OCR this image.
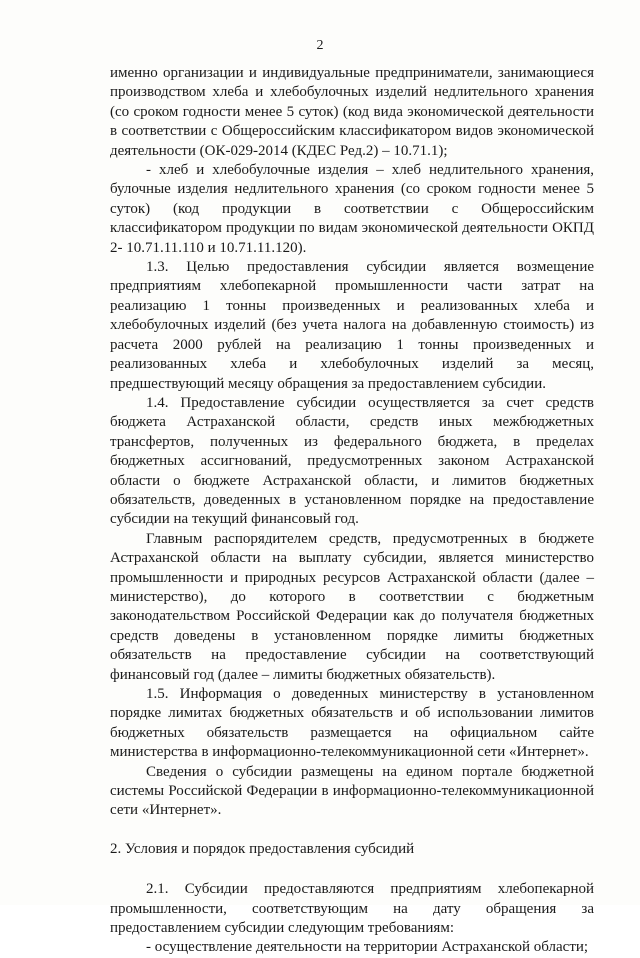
2

именно организации и индивидуальные предприниматели, занимающиеся производством хлеба и хлебобулочных изделий недлительного хранения (со сроком годности менее 5 суток) (код вида экономической деятельности в соответствии с Общероссийским классификатором видов экономической деятельности (ОК-029-2014 (КДЕС Ред.2) – 10.71.1);

- хлеб и хлебобулочные изделия – хлеб недлительного хранения, булочные изделия недлительного хранения (со сроком годности менее 5 суток) (код продукции в соответствии с Общероссийским классификатором продукции по видам экономической деятельности ОКПД 2- 10.71.11.110 и 10.71.11.120).

1.3. Целью предоставления субсидии является возмещение предприятиям хлебопекарной промышленности части затрат на реализацию 1 тонны произведенных и реализованных хлеба и хлебобулочных изделий (без учета налога на добавленную стоимость) из расчета 2000 рублей на реализацию 1 тонны произведенных и реализованных хлеба и хлебобулочных изделий за месяц, предшествующий месяцу обращения за предоставлением субсидии.

1.4. Предоставление субсидии осуществляется за счет средств бюджета Астраханской области, средств иных межбюджетных трансфертов, полученных из федерального бюджета, в пределах бюджетных ассигнований, предусмотренных законом Астраханской области о бюджете Астраханской области, и лимитов бюджетных обязательств, доведенных в установленном порядке на предоставление субсидии на текущий финансовый год.

Главным распорядителем средств, предусмотренных в бюджете Астраханской области на выплату субсидии, является министерство промышленности и природных ресурсов Астраханской области (далее – министерство), до которого в соответствии с бюджетным законодательством Российской Федерации как до получателя бюджетных средств доведены в установленном порядке лимиты бюджетных обязательств на предоставление субсидии на соответствующий финансовый год (далее – лимиты бюджетных обязательств).

1.5. Информация о доведенных министерству в установленном порядке лимитах бюджетных обязательств и об использовании лимитов бюджетных обязательств размещается на официальном сайте министерства в информационно-телекоммуникационной сети «Интернет».

Сведения о субсидии размещены на едином портале бюджетной системы Российской Федерации в информационно-телекоммуникационной сети «Интернет».

2. Условия и порядок предоставления субсидий

2.1. Субсидии предоставляются предприятиям хлебопекарной промышленности, соответствующим на дату обращения за предоставлением субсидии следующим требованиям:

- осуществление деятельности на территории Астраханской области;
